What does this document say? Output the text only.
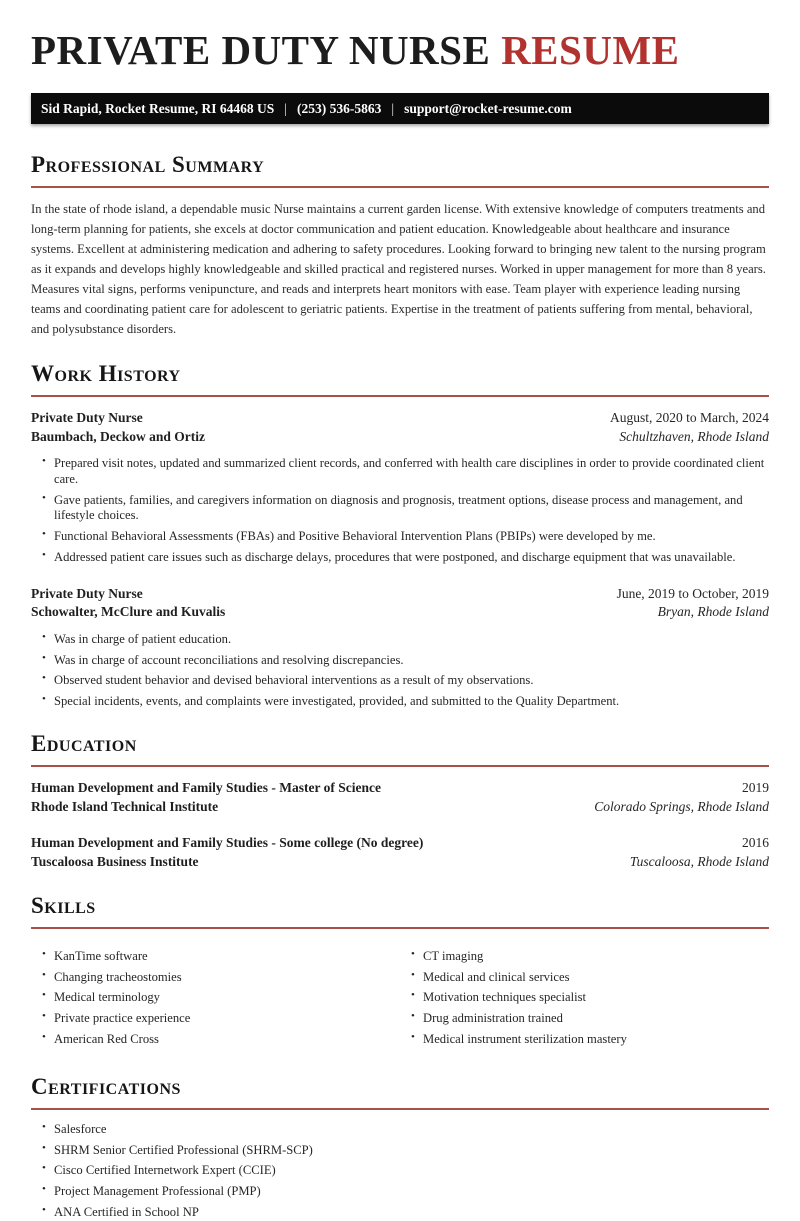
PRIVATE DUTY NURSE RESUME
Sid Rapid, Rocket Resume, RI 64468 US | (253) 536-5863 | support@rocket-resume.com
Professional Summary

In the state of rhode island, a dependable music Nurse maintains a current garden license. With extensive knowledge of computers treatments and long-term planning for patients, she excels at doctor communication and patient education. Knowledgeable about healthcare and insurance systems. Excellent at administering medication and adhering to safety procedures. Looking forward to bringing new talent to the nursing program as it expands and develops highly knowledgeable and skilled practical and registered nurses. Worked in upper management for more than 8 years. Measures vital signs, performs venipuncture, and reads and interprets heart monitors with ease. Team player with experience leading nursing teams and coordinating patient care for adolescent to geriatric patients. Expertise in the treatment of patients suffering from mental, behavioral, and polysubstance disorders.

Work History
Private Duty Nurse	August, 2020 to March, 2024
Baumbach, Deckow and Ortiz	Schultzhaven, Rhode Island
• Prepared visit notes, updated and summarized client records, and conferred with health care disciplines in order to provide coordinated client care.
• Gave patients, families, and caregivers information on diagnosis and prognosis, treatment options, disease process and management, and lifestyle choices.
• Functional Behavioral Assessments (FBAs) and Positive Behavioral Intervention Plans (PBIPs) were developed by me.
• Addressed patient care issues such as discharge delays, procedures that were postponed, and discharge equipment that was unavailable.
Private Duty Nurse	June, 2019 to October, 2019
Schowalter, McClure and Kuvalis	Bryan, Rhode Island
• Was in charge of patient education.
• Was in charge of account reconciliations and resolving discrepancies.
• Observed student behavior and devised behavioral interventions as a result of my observations.
• Special incidents, events, and complaints were investigated, provided, and submitted to the Quality Department.
Education
Human Development and Family Studies - Master of Science	2019
Rhode Island Technical Institute	Colorado Springs, Rhode Island
Human Development and Family Studies - Some college (No degree)	2016
Tuscaloosa Business Institute	Tuscaloosa, Rhode Island
Skills
• KanTime software
• Changing tracheostomies
• Medical terminology
• Private practice experience
• American Red Cross
• CT imaging
• Medical and clinical services
• Motivation techniques specialist
• Drug administration trained
• Medical instrument sterilization mastery
Certifications
• Salesforce
• SHRM Senior Certified Professional (SHRM-SCP)
• Cisco Certified Internetwork Expert (CCIE)
• Project Management Professional (PMP)
• ANA Certified in School NP
